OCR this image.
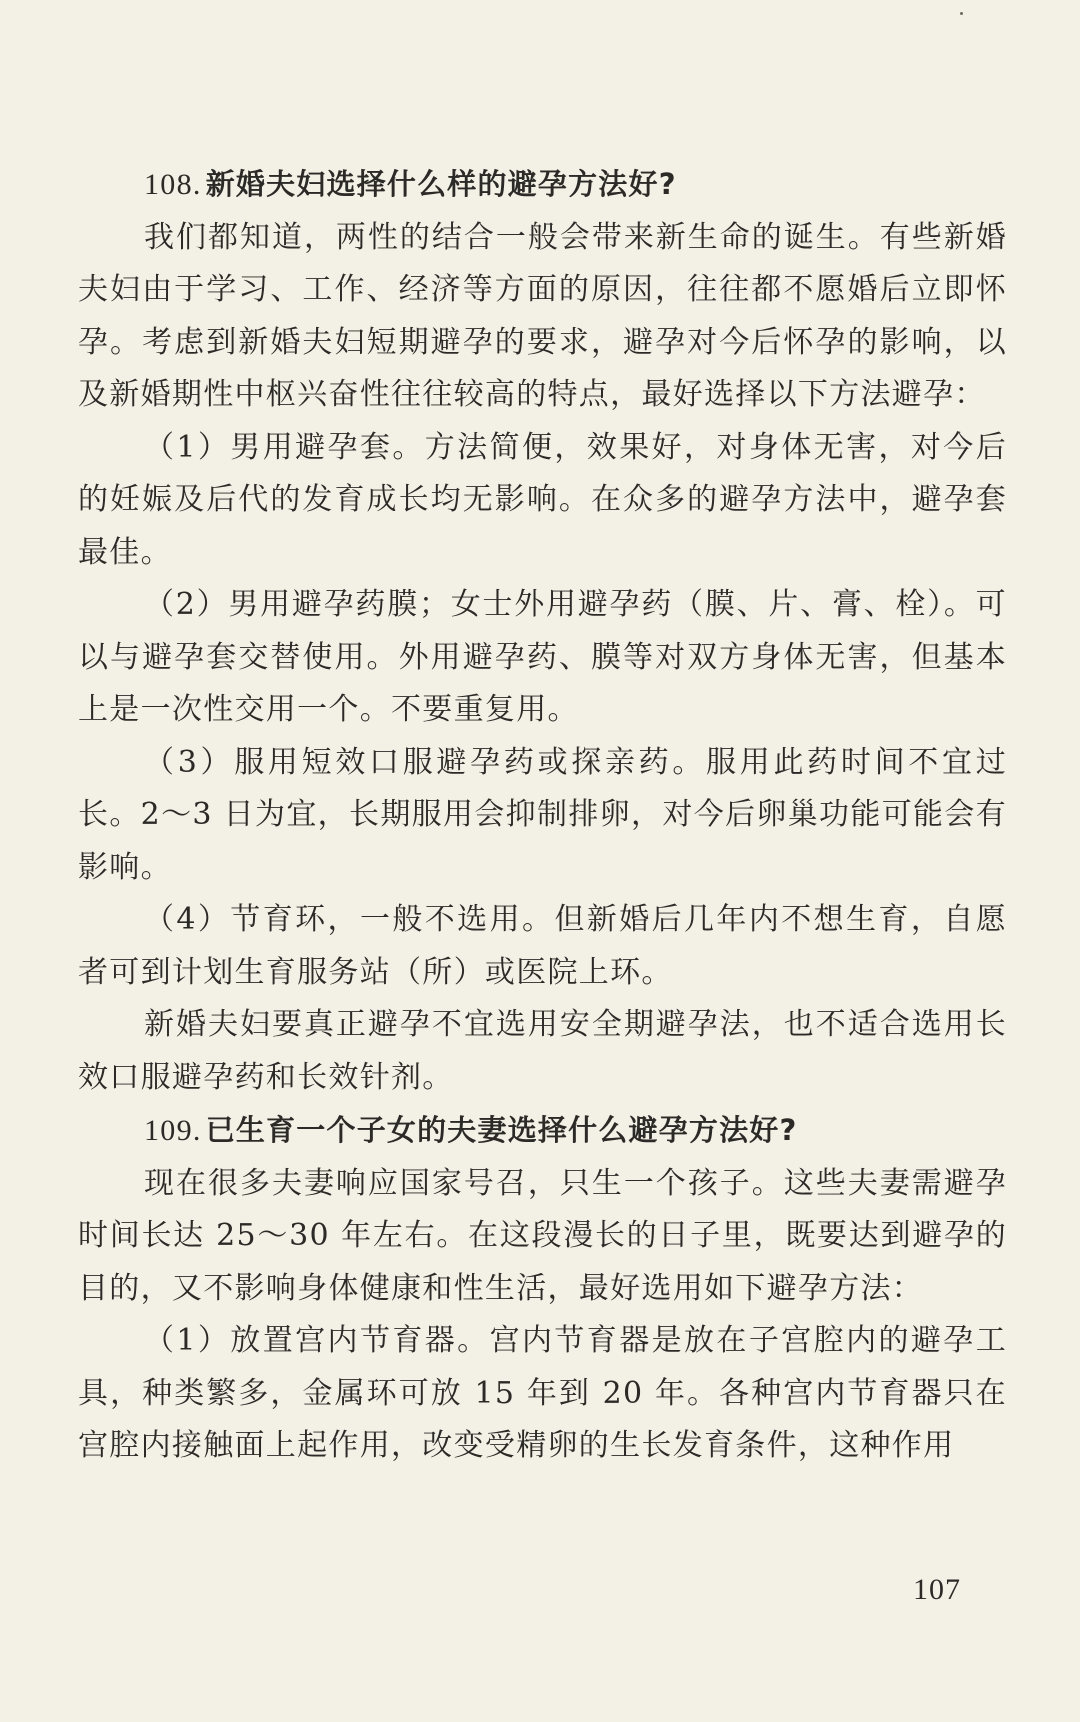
108. 新婚夫妇选择什么样的避孕方法好?

我们都知道，两性的结合一般会带来新生命的诞生。有些新婚夫妇由于学习、工作、经济等方面的原因，往往都不愿婚后立即怀孕。考虑到新婚夫妇短期避孕的要求，避孕对今后怀孕的影响，以及新婚期性中枢兴奋性往往较高的特点，最好选择以下方法避孕：

（1）男用避孕套。方法简便，效果好，对身体无害，对今后的妊娠及后代的发育成长均无影响。在众多的避孕方法中，避孕套最佳。

（2）男用避孕药膜；女士外用避孕药（膜、片、膏、栓）。可以与避孕套交替使用。外用避孕药、膜等对双方身体无害，但基本上是一次性交用一个。不要重复用。

（3）服用短效口服避孕药或探亲药。服用此药时间不宜过长。2～3 日为宜，长期服用会抑制排卵，对今后卵巢功能可能会有影响。

（4）节育环，一般不选用。但新婚后几年内不想生育，自愿者可到计划生育服务站（所）或医院上环。

新婚夫妇要真正避孕不宜选用安全期避孕法，也不适合选用长效口服避孕药和长效针剂。

109. 已生育一个子女的夫妻选择什么避孕方法好?

现在很多夫妻响应国家号召，只生一个孩子。这些夫妻需避孕时间长达 25～30 年左右。在这段漫长的日子里，既要达到避孕的目的，又不影响身体健康和性生活，最好选用如下避孕方法：

（1）放置宫内节育器。宫内节育器是放在子宫腔内的避孕工具，种类繁多，金属环可放 15 年到 20 年。各种宫内节育器只在宫腔内接触面上起作用，改变受精卵的生长发育条件，这种作用

107
